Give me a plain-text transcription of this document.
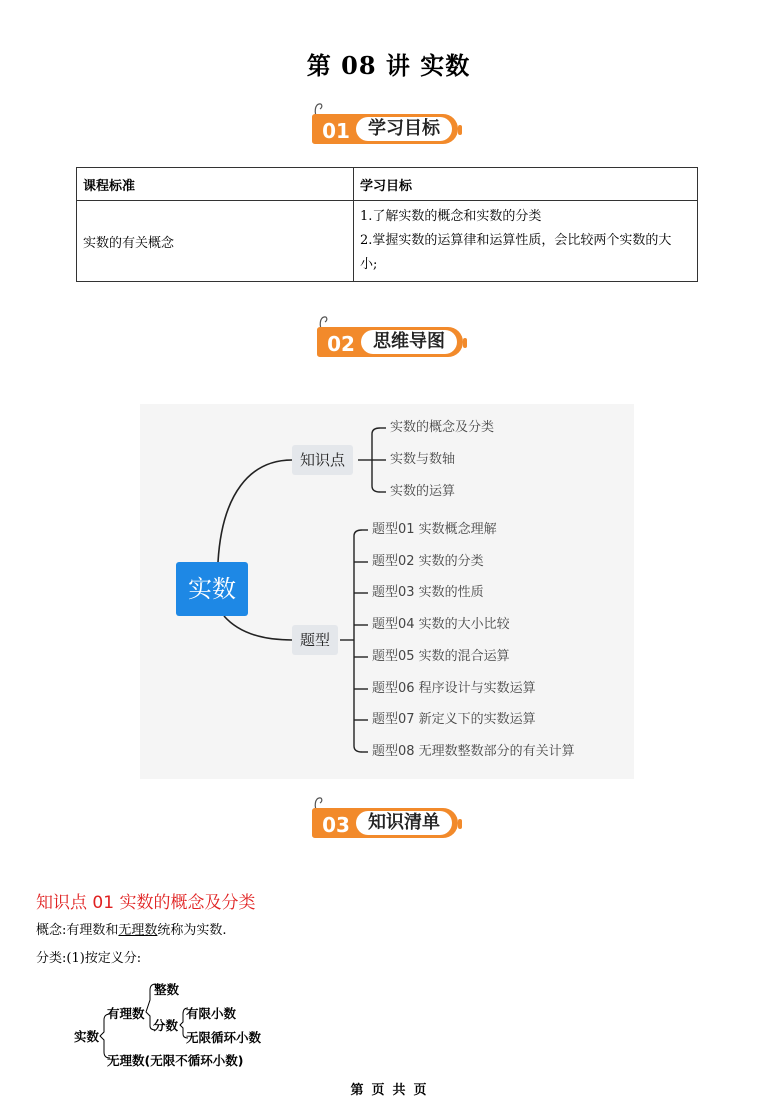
第 08 讲 实数
01	学习目标
课程标准	学习目标
实数的有关概念	1.了解实数的概念和实数的分类
2.掌握实数的运算律和运算性质，会比较两个实数的大
小;
02	思维导图
实数
知识点
题型
实数的概念及分类
实数与数轴
实数的运算
题型01 实数概念理解
题型02 实数的分类
题型03 实数的性质
题型04 实数的大小比较
题型05 实数的混合运算
题型06 程序设计与实数运算
题型07 新定义下的实数运算
题型08 无理数整数部分的有关计算
03	知识清单
知识点 01 实数的概念及分类
概念:有理数和无理数统称为实数.
分类:(1)按定义分:
实数
有理数
整数
分数
有限小数
无限循环小数
无理数(无限不循环小数)
第 页 共 页
